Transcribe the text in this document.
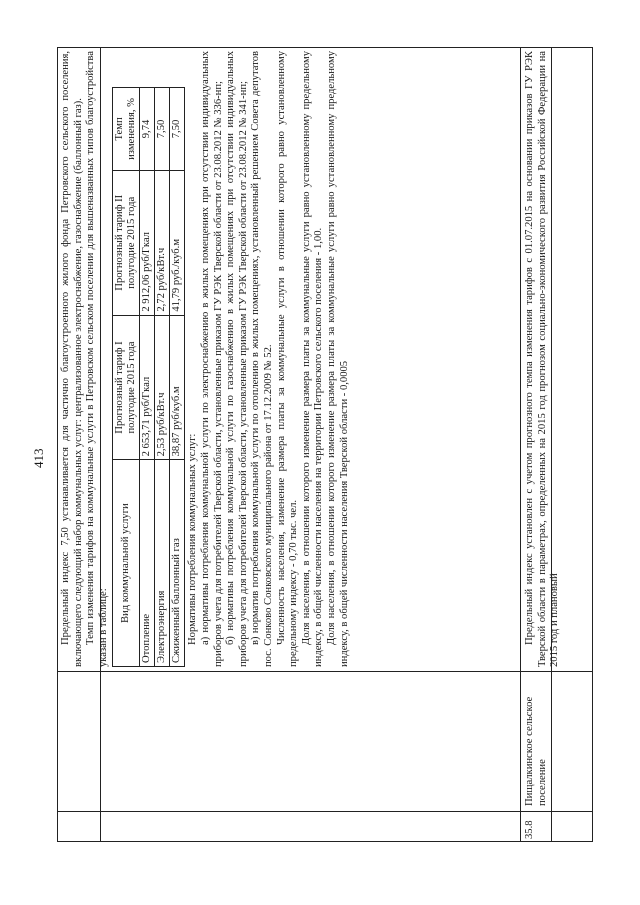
413
35.8
Пищалкинское сельское поселение

Предельный индекс 7,50 устанавливается для частично благоустроенного жилого фонда Петровского сельского поселения, включающего следующий набор коммунальных услуг: централизованное электроснабжение, газоснабжение (баллонный газ). Темп изменения тарифов на коммунальные услуги в Петровском сельском поселении для вышеназванных типов благоустройства указан в таблице:

Вид коммунальной услуги	Прогнозный тариф I полугодие 2015 года	Прогнозный тариф II полугодие 2015 года	Темп изменения, %
Отопление	2 653,71 руб/Гкал	2 912,06 руб/Гкал	9,74
Электроэнергия	2,53 руб/кВт.ч	2,72 руб/кВт.ч	7,50
Сжиженный баллонный газ	38,87 руб/куб.м	41,79 руб./куб.м	7,50

Нормативы потребления коммунальных услуг: а) нормативы потребления коммунальной услуги по электроснабжению в жилых помещениях при отсутствии индивидуальных приборов учета для потребителей Тверской области, установленные приказом ГУ РЭК Тверской области от 23.08.2012 № 336-нп; б) нормативы потребления коммунальной услуги по газоснабжению в жилых помещениях при отсутствии индивидуальных приборов учета для потребителей Тверской области, установленные приказом ГУ РЭК Тверской области от 23.08.2012 № 341-нп; в) норматив потребления коммунальной услуги по отоплению в жилых помещениях, установленный решением Совета депутатов пос. Сонково Сонковского муниципального района от 17.12.2009 № 52. Численность населения, изменение размера платы за коммунальные услуги в отношении которого равно установленному предельному индексу - 0,70 тыс. чел. Доля населения, в отношении которого изменение размера платы за коммунальные услуги равно установленному предельному индексу, в общей численности населения на территории Петровского сельского поселения - 1,00. Доля населения, в отношении которого изменение размера платы за коммунальные услуги равно установленному предельному индексу, в общей численности населения Тверской области - 0,0005	Предельный индекс установлен с учетом прогнозного темпа изменения тарифов с 01.07.2015 на основании приказов ГУ РЭК Тверской области в параметрах, определенных на 2015 год прогнозом социально-экономического развития Российской Федерации на 2015 год и плановый
